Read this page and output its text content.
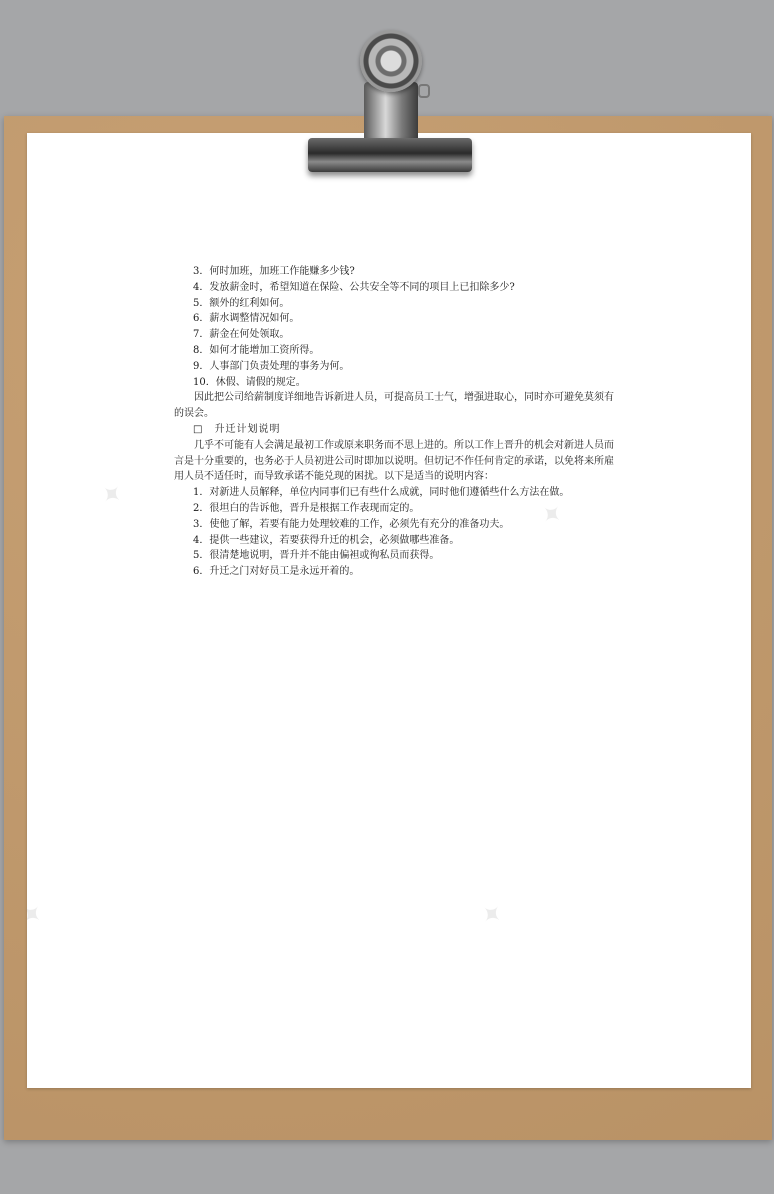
✦
✦
✦	✦

3．何时加班，加班工作能赚多少钱?

4．发放薪金时，希望知道在保险、公共安全等不同的项目上已扣除多少?

5．额外的红利如何。

6．薪水调整情况如何。

7．薪金在何处领取。

8．如何才能增加工资所得。

9．人事部门负责处理的事务为何。

10．休假、请假的规定。

因此把公司给薪制度详细地告诉新进人员，可提高员工士气，增强进取心，同时亦可避免莫须有的误会。

□　升迁计划说明

几乎不可能有人会满足最初工作或原来职务而不思上进的。所以工作上晋升的机会对新进人员而言是十分重要的，也务必于人员初进公司时即加以说明。但切记不作任何肯定的承诺，以免将来所雇用人员不适任时，而导致承诺不能兑现的困扰。以下是适当的说明内容：

1．对新进人员解释，单位内同事们已有些什么成就，同时他们遵循些什么方法在做。

2．很坦白的告诉他，晋升是根据工作表现而定的。

3．使他了解，若要有能力处理较难的工作，必须先有充分的准备功夫。

4．提供一些建议，若要获得升迁的机会，必须做哪些准备。

5．很清楚地说明，晋升并不能由偏袒或徇私员而获得。

6．升迁之门对好员工是永远开着的。
